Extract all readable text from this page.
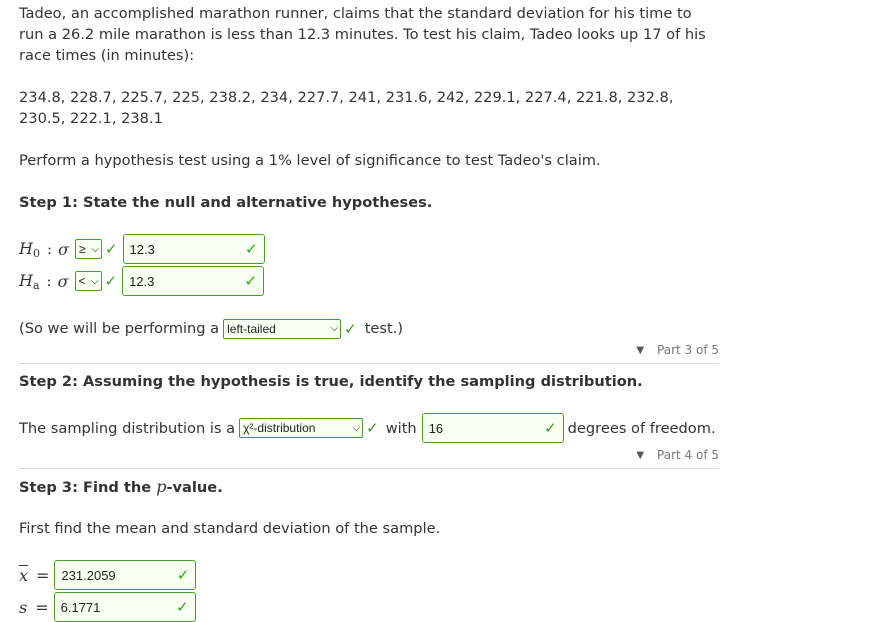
Tadeo, an accomplished marathon runner, claims that the standard deviation for his time to run a 26.2 mile marathon is less than 12.3 minutes. To test his claim, Tadeo looks up 17 of his race times (in minutes):

234.8, 228.7, 225.7, 225, 238.2, 234, 227.7, 241, 231.6, 242, 229.1, 227.4, 221.8, 232.8, 230.5, 222.1, 238.1

Perform a hypothesis test using a 1% level of significance to test Tadeo's claim.

Step 1: State the null and alternative hypotheses.

$H_0$ : σ ≥ ⌵ ✓ 12.3	✓
$H_a$ : σ < ⌵ ✓ 12.3	✓
(So we will be performing a left-tailed	⌵ ✓ test.)
▼ Part 3 of 5

Step 2: Assuming the hypothesis is true, identify the sampling distribution.

The sampling distribution is a χ²-distribution	⌵ ✓ with 16	✓ degrees of freedom.
▼ Part 4 of 5

Step 3: Find the p-value.

First find the mean and standard deviation of the sample.

$\overline{x} = 231.2059$	✓
s = 6.1771	✓
